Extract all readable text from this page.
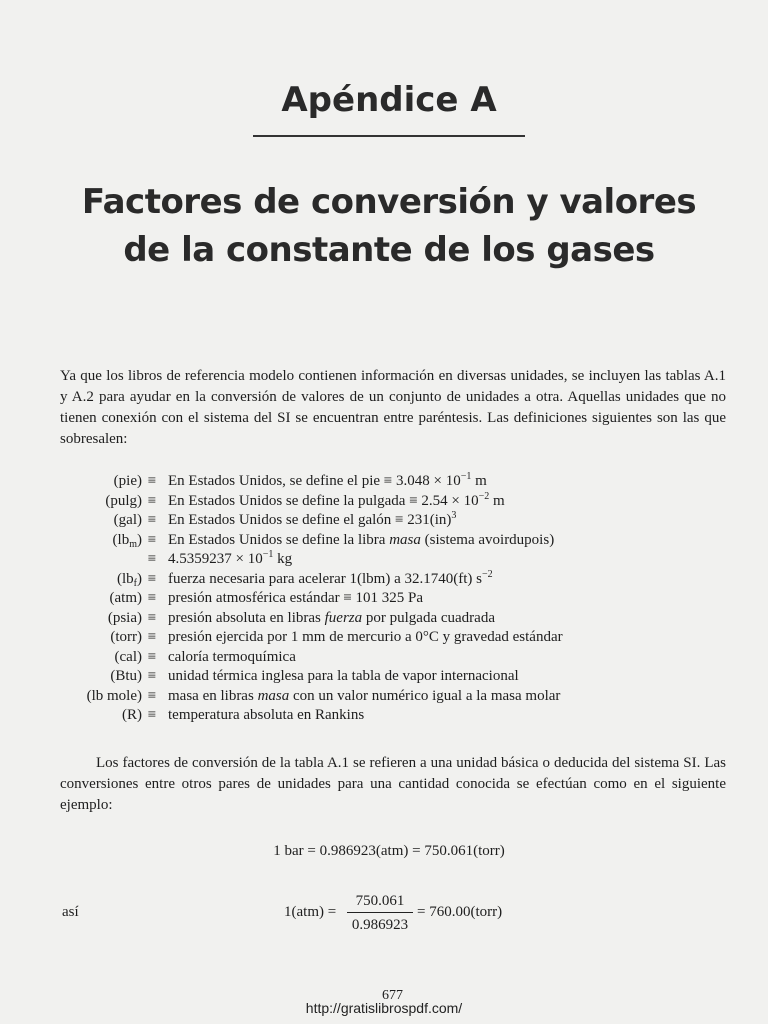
Apéndice A
Factores de conversión y valores
de la constante de los gases

Ya que los libros de referencia modelo contienen información en diversas unidades, se incluyen las tablas A.1 y A.2 para ayudar en la conversión de valores de un conjunto de unidades a otra. Aquellas unidades que no tienen conexión con el sistema del SI se encuentran entre paréntesis. Las definiciones siguientes son las que sobresalen:

(pie) ≡ En Estados Unidos, se define el pie ≡ $3.048 \times 10^{-1}$ m
(pulg) ≡ En Estados Unidos se define la pulgada ≡ $2.54 \times 10^{-2}$ m
(gal) ≡ En Estados Unidos se define el galón ≡ 231(in)$^3$
$(lb_m) \equiv En$ Estados Unidos se define la libra masa (sistema avoirdupois)
≡ $4.5359237 \times 10^{-1}$ kg
$(lb_f)$ ≡ fuerza necesaria para acelerar 1(lbm) a 32.1740(ft) $s^{-2}$
(atm) ≡ presión atmosférica estándar ≡ 101 325 Pa
(psia) ≡ presión absoluta en libras fuerza por pulgada cuadrada
(torr) ≡ presión ejercida por 1 mm de mercurio a 0°C y gravedad estándar
(cal) ≡ caloría termoquímica
(Btu) ≡ unidad térmica inglesa para la tabla de vapor internacional
(lb mole) ≡ masa en libras masa con un valor numérico igual a la masa molar
(R) ≡ temperatura absoluta en Rankins

Los factores de conversión de la tabla A.1 se refieren a una unidad básica o deducida del sistema SI. Las conversiones entre otros pares de unidades para una cantidad conocida se efectúan como en el siguiente ejemplo:

1 bar = 0.986923(atm) = 750.061(torr)
así	1(atm) =
750.061
0.986923
= 760.00(torr)
677
http://gratislibrospdf.com/
